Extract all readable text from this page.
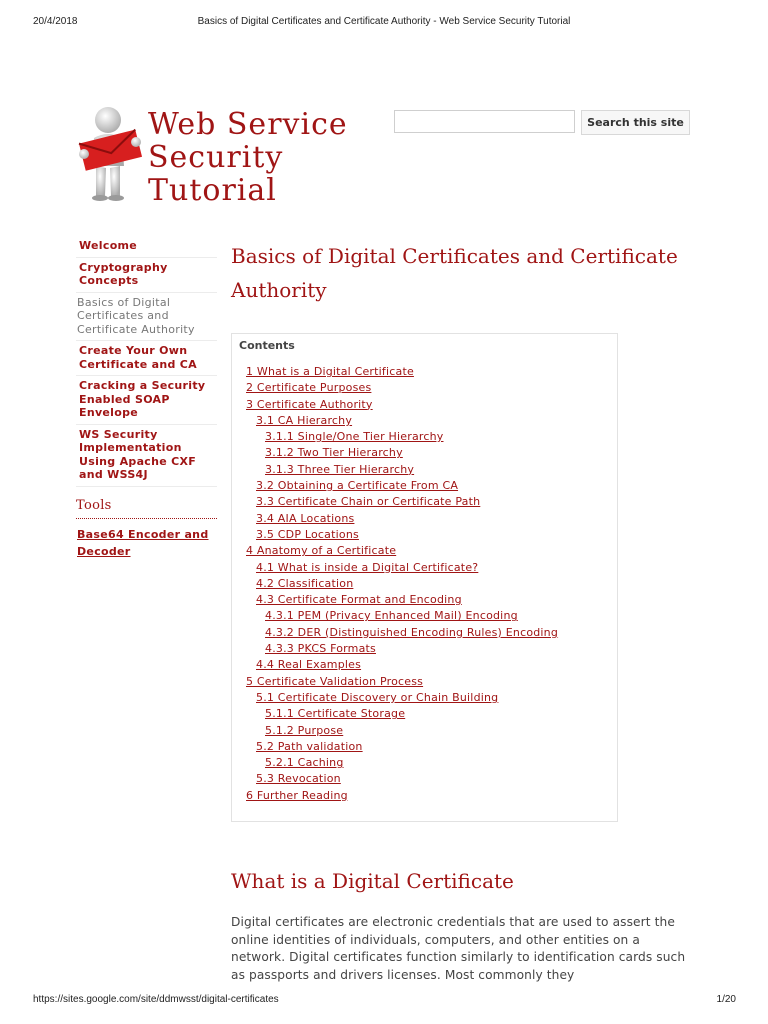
20/4/2018	Basics of Digital Certificates and Certificate Authority - Web Service Security Tutorial
Web Service
Security
Tutorial
Search this site
Welcome
Cryptography Concepts
Basics of Digital Certificates and Certificate Authority
Create Your Own Certificate and CA
Cracking a Security Enabled SOAP Envelope
WS Security Implementation Using Apache CXF and WSS4J
Tools
Base64 Encoder and Decoder
Basics of Digital Certificates and Certificate Authority
Contents
1 What is a Digital Certificate
2 Certificate Purposes
3 Certificate Authority
3.1 CA Hierarchy
3.1.1 Single/One Tier Hierarchy
3.1.2 Two Tier Hierarchy
3.1.3 Three Tier Hierarchy
3.2 Obtaining a Certificate From CA
3.3 Certificate Chain or Certificate Path
3.4 AIA Locations
3.5 CDP Locations
4 Anatomy of a Certificate
4.1 What is inside a Digital Certificate?
4.2 Classification
4.3 Certificate Format and Encoding
4.3.1 PEM (Privacy Enhanced Mail) Encoding
4.3.2 DER (Distinguished Encoding Rules) Encoding
4.3.3 PKCS Formats
4.4 Real Examples
5 Certificate Validation Process
5.1 Certificate Discovery or Chain Building
5.1.1 Certificate Storage
5.1.2 Purpose
5.2 Path validation
5.2.1 Caching
5.3 Revocation
6 Further Reading
What is a Digital Certificate
Digital certificates are electronic credentials that are used to assert the online identities of individuals, computers, and other entities on a network. Digital certificates function similarly to identification cards such as passports and drivers licenses. Most commonly they
https://sites.google.com/site/ddmwsst/digital-certificates	1/20
